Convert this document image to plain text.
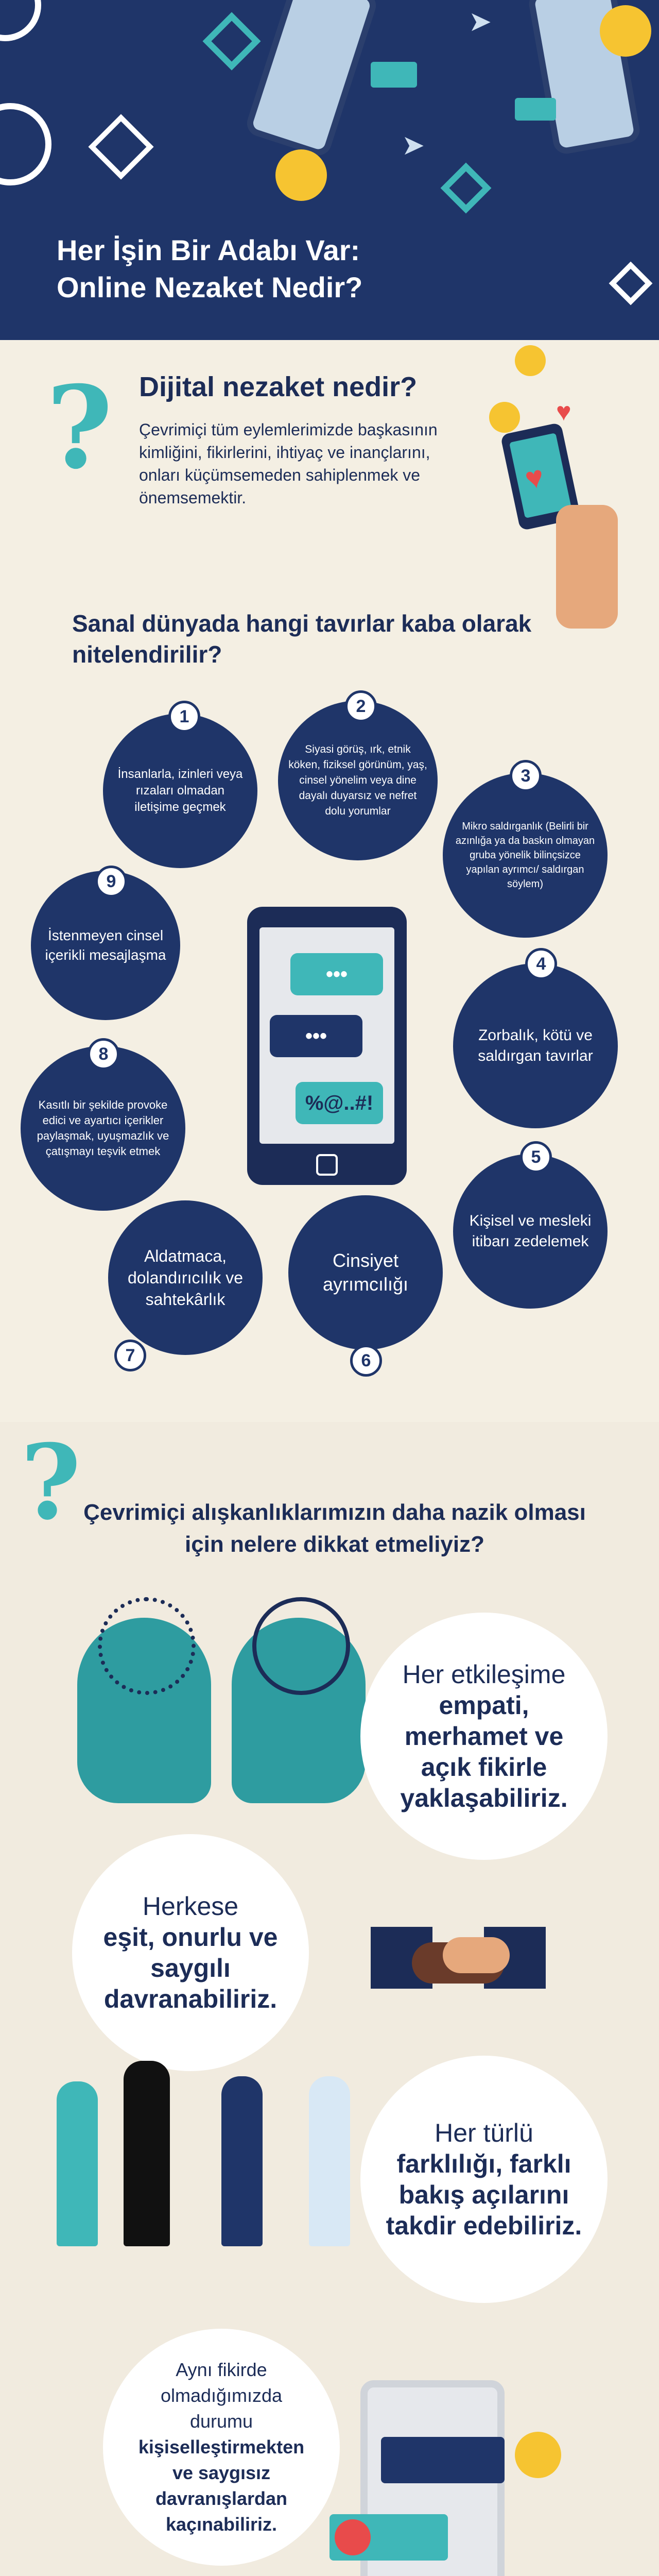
➤
➤
Her İşin Bir Adabı Var:
Online Nezaket Nedir?
? Dijital nezaket nedir?

Çevrimiçi tüm eylemlerimizde başkasının kimliğini, fikirlerini, ihtiyaç ve inançlarını, onları küçümsemeden sahiplenmek ve önemsemektir.

♥
♥
Sanal dünyada hangi tavırlar kaba olarak nitelendirilir?
İnsanlarla, izinleri veya rızaları olmadan iletişime geçmek
1
Siyasi görüş, ırk, etnik köken, fiziksel görünüm, yaş, cinsel yönelim veya dine dayalı duyarsız ve nefret dolu yorumlar
2
Mikro saldırganlık (Belirli bir azınlığa ya da baskın olmayan gruba yönelik bilinçsizce yapılan ayrımcı/ saldırgan söylem)
3
İstenmeyen cinsel içerikli mesajlaşma
9
Zorbalık, kötü ve saldırgan tavırlar
4
Kasıtlı bir şekilde provoke edici ve ayartıcı içerikler paylaşmak, uyuşmazlık ve çatışmayı teşvik etmek
8
Kişisel ve mesleki itibarı zedelemek
5
Aldatmaca, dolandırıcılık ve sahtekârlık
7
Cinsiyet ayrımcılığı
6
•••
•••
%@..#!
? Çevrimiçi alışkanlıklarımızın daha nazik olması için nelere dikkat etmeliyiz?
Her etkileşime
empati, merhamet ve açık fikirle yaklaşabiliriz.
Herkese
eşit, onurlu ve saygılı davranabiliriz.
Her türlü
farklılığı, farklı bakış açılarını takdir edebiliriz.
Aynı fikirde olmadığımızda durumu
kişiselleştirmekten ve saygısız davranışlardan kaçınabiliriz.
